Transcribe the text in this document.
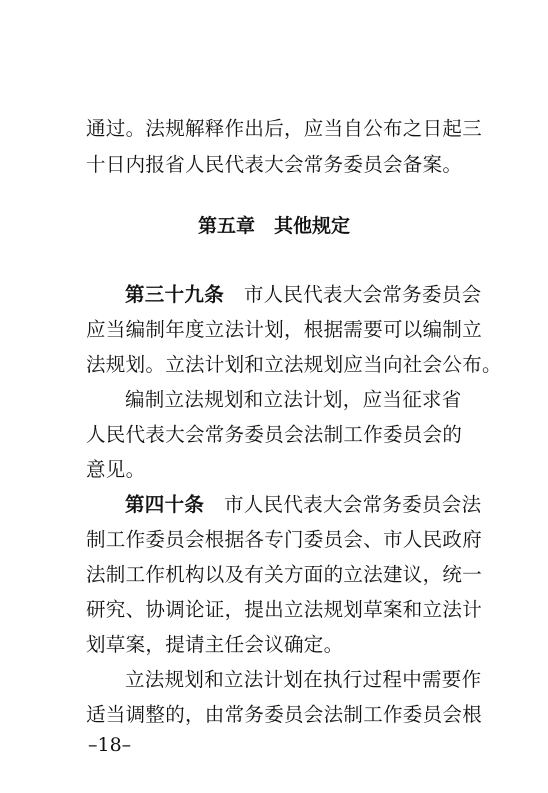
通过。法规解释作出后，应当自公布之日起三
十日内报省人民代表大会常务委员会备案。
第五章　其他规定
第三十九条　市人民代表大会常务委员会
应当编制年度立法计划，根据需要可以编制立
法规划。立法计划和立法规划应当向社会公布。
编制立法规划和立法计划，应当征求省
人民代表大会常务委员会法制工作委员会的
意见。
第四十条　市人民代表大会常务委员会法
制工作委员会根据各专门委员会、市人民政府
法制工作机构以及有关方面的立法建议，统一
研究、协调论证，提出立法规划草案和立法计
划草案，提请主任会议确定。
立法规划和立法计划在执行过程中需要作
适当调整的，由常务委员会法制工作委员会根
–18–
